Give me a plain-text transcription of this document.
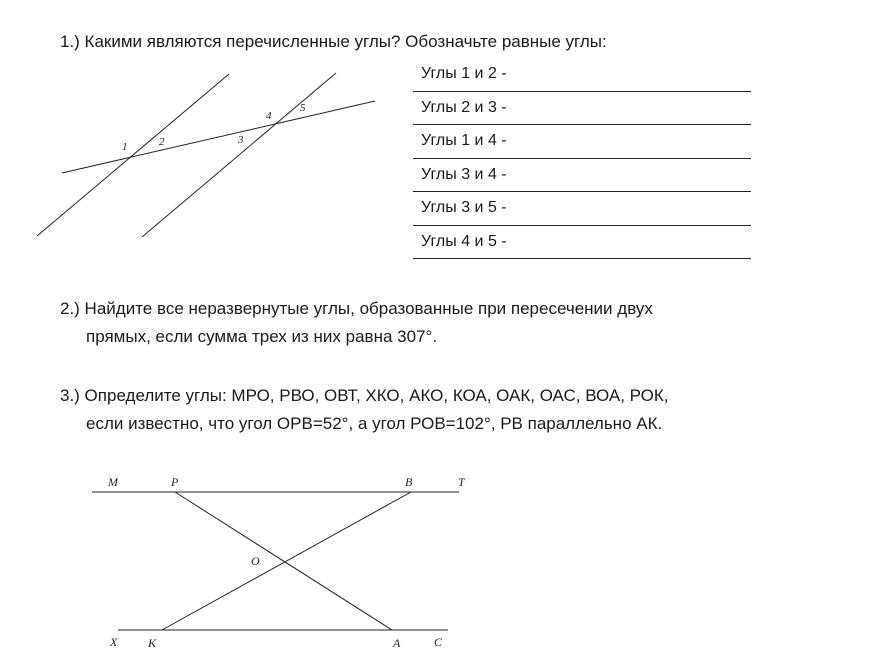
1.) Какими являются перечисленные углы? Обозначьте равные углы:
Углы 1 и 2 -
Углы 2 и 3 -
Углы 1 и 4 -
Углы 3 и 4 -
Углы 3 и 5 -
Углы 4 и 5 -
2.) Найдите все неразвернутые углы, образованные при пересечении двух
прямых, если сумма трех из них равна 307°.
3.) Определите углы: МРО, РВО, ОВТ, ХКО, АКО, КОА, ОАК, ОАС, ВОА, РОК,
если известно, что угол ОРВ=52°, а угол РОВ=102°, РВ параллельно АК.
1	2	3
4
5
M	P	B	T
O
X	K	A	C
